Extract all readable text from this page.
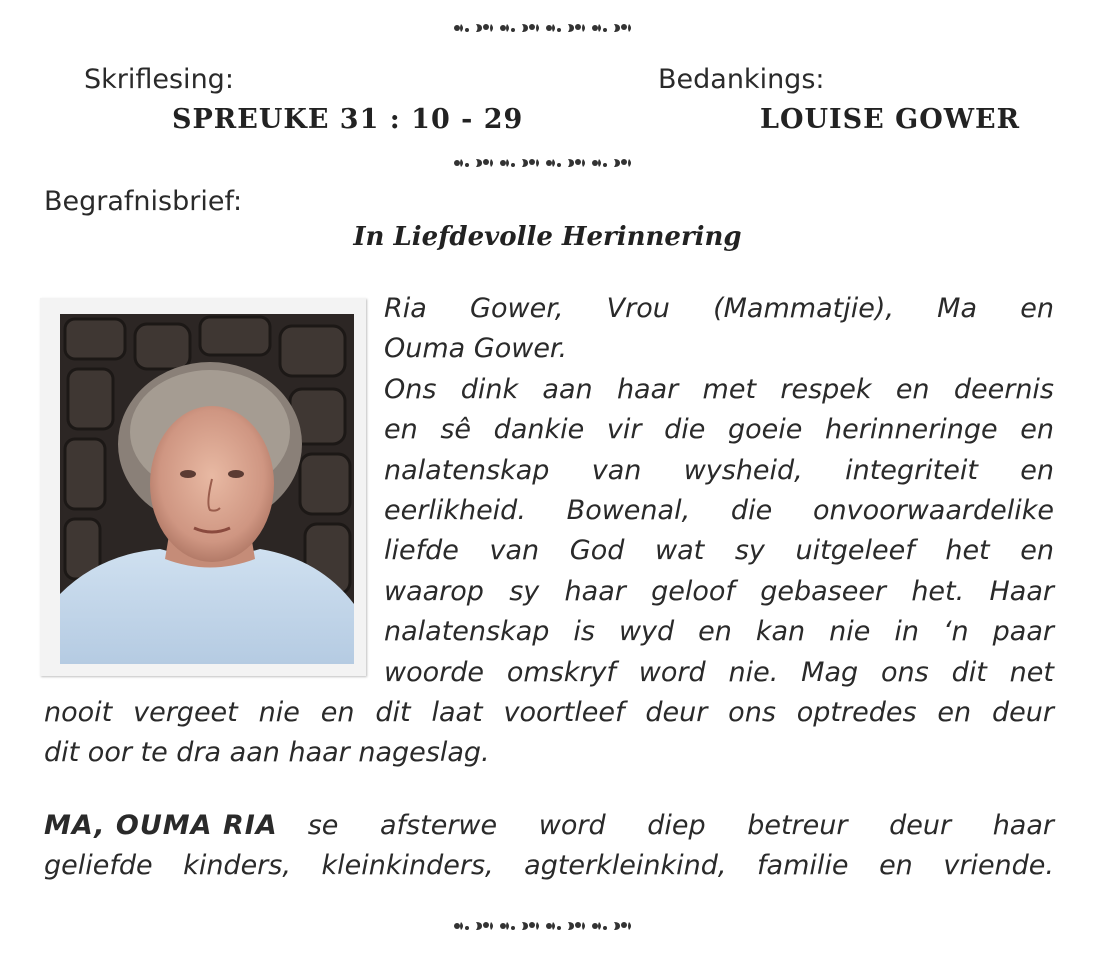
Skriflesing:
SPREUKE 31 : 10 - 29
Bedankings:
LOUISE GOWER
Begrafnisbrief:
In Liefdevolle Herinnering
Ria Gower, Vrou (Mammatjie), Ma en
Ouma Gower.
Ons dink aan haar met respek en deernis
en sê dankie vir die goeie herinneringe en
nalatenskap van wysheid, integriteit en
eerlikheid. Bowenal, die onvoorwaardelike
liefde van God wat sy uitgeleef het en
waarop sy haar geloof gebaseer het. Haar
nalatenskap is wyd en kan nie in ‘n paar
woorde omskryf word nie. Mag ons dit net
nooit vergeet nie en dit laat voortleef deur ons optredes en deur
dit oor te dra aan haar nageslag.
MA, OUMA RIA se afsterwe word diep betreur deur haar
geliefde kinders, kleinkinders, agterkleinkind, familie en vriende.
